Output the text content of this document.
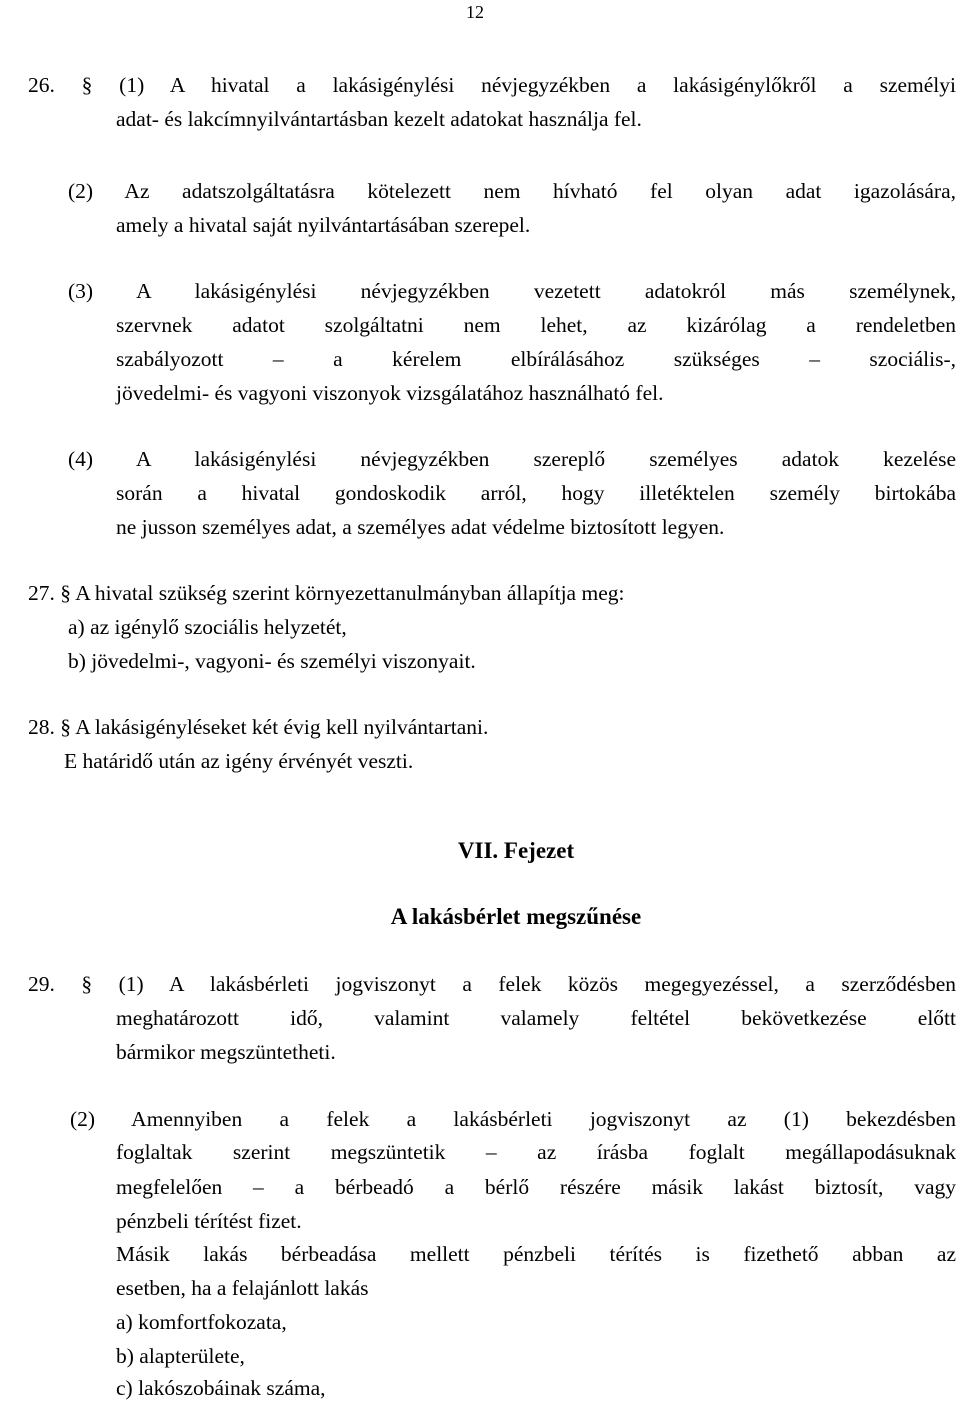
12
26. § (1) A hivatal a lakásigénylési névjegyzékben a lakásigénylőkről a személyi
adat- és lakcímnyilvántartásban kezelt adatokat használja fel.
(2) Az adatszolgáltatásra kötelezett nem hívható fel olyan adat igazolására,
amely a hivatal saját nyilvántartásában szerepel.
(3) A lakásigénylési névjegyzékben vezetett adatokról más személynek,
szervnek adatot szolgáltatni nem lehet, az kizárólag a rendeletben
szabályozott – a kérelem elbírálásához szükséges – szociális-,
jövedelmi- és vagyoni viszonyok vizsgálatához használható fel.
(4) A lakásigénylési névjegyzékben szereplő személyes adatok kezelése
során a hivatal gondoskodik arról, hogy illetéktelen személy birtokába
ne jusson személyes adat, a személyes adat védelme biztosított legyen.
27. § A hivatal szükség szerint környezettanulmányban állapítja meg:
a) az igénylő szociális helyzetét,
b) jövedelmi-, vagyoni- és személyi viszonyait.
28. § A lakásigényléseket két évig kell nyilvántartani.
E határidő után az igény érvényét veszti.
VII. Fejezet
A lakásbérlet megszűnése
29. § (1) A lakásbérleti jogviszonyt a felek közös megegyezéssel, a szerződésben
meghatározott idő, valamint valamely feltétel bekövetkezése előtt
bármikor megszüntetheti.
(2) Amennyiben a felek a lakásbérleti jogviszonyt az (1) bekezdésben
foglaltak szerint megszüntetik – az írásba foglalt megállapodásuknak
megfelelően – a bérbeadó a bérlő részére másik lakást biztosít, vagy
pénzbeli térítést fizet.
Másik lakás bérbeadása mellett pénzbeli térítés is fizethető abban az
esetben, ha a felajánlott lakás
a) komfortfokozata,
b) alapterülete,
c) lakószobáinak száma,
